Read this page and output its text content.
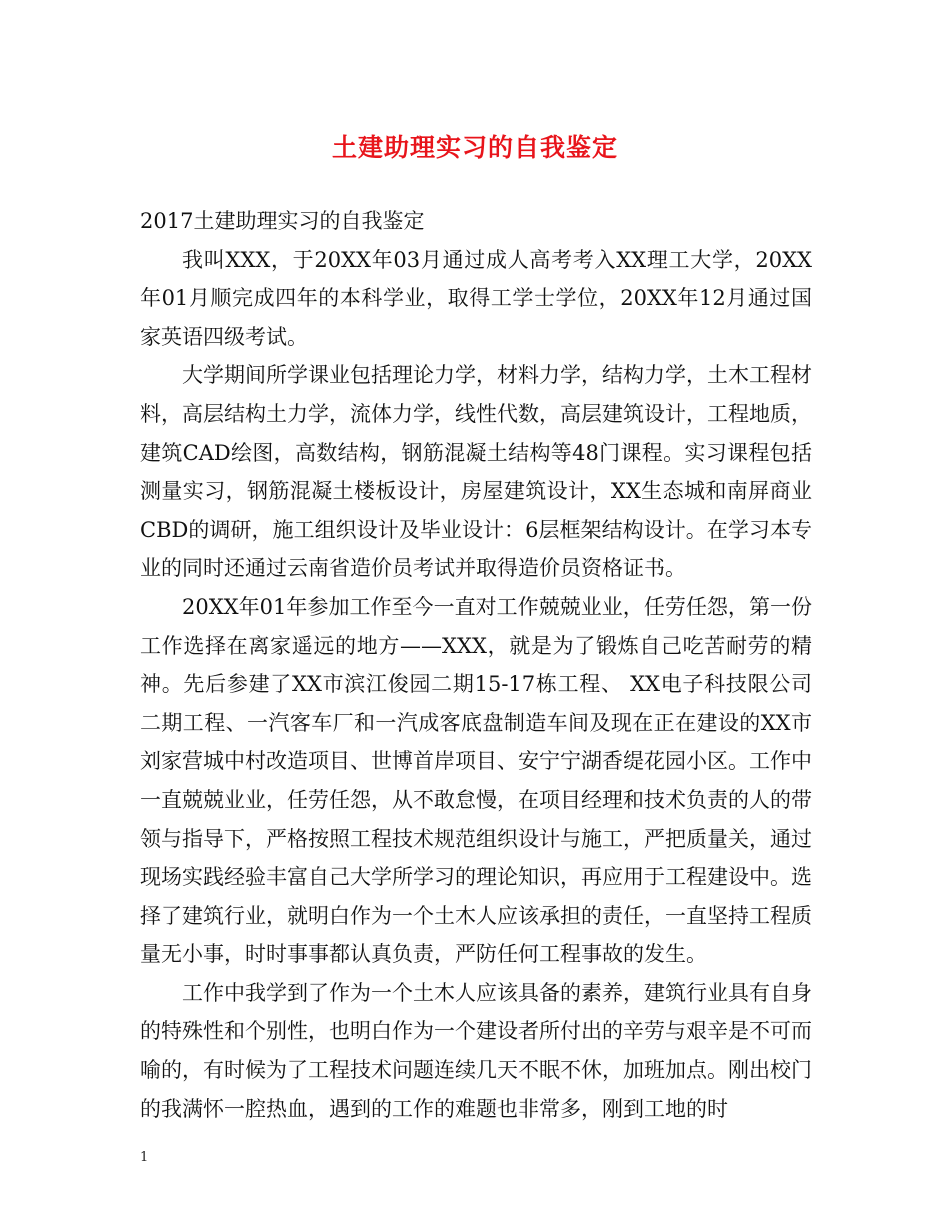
土建助理实习的自我鉴定

2017土建助理实习的自我鉴定

我叫XXX，于20XX年03月通过成人高考考入XX理工大学，20XX年01月顺完成四年的本科学业，取得工学士学位，20XX年12月通过国家英语四级考试。

大学期间所学课业包括理论力学，材料力学，结构力学，土木工程材料，高层结构土力学，流体力学，线性代数，高层建筑设计，工程地质，建筑CAD绘图，高数结构，钢筋混凝土结构等48门课程。实习课程包括测量实习，钢筋混凝土楼板设计，房屋建筑设计，XX生态城和南屏商业CBD的调研，施工组织设计及毕业设计：6层框架结构设计。在学习本专业的同时还通过云南省造价员考试并取得造价员资格证书。

20XX年01年参加工作至今一直对工作兢兢业业，任劳任怨，第一份工作选择在离家遥远的地方——XXX，就是为了锻炼自己吃苦耐劳的精神。先后参建了XX市滨江俊园二期15-17栋工程、 XX电子科技限公司二期工程、一汽客车厂和一汽成客底盘制造车间及现在正在建设的XX市刘家营城中村改造项目、世博首岸项目、安宁宁湖香缇花园小区。工作中一直兢兢业业，任劳任怨，从不敢怠慢，在项目经理和技术负责的人的带领与指导下，严格按照工程技术规范组织设计与施工，严把质量关，通过现场实践经验丰富自己大学所学习的理论知识，再应用于工程建设中。选择了建筑行业，就明白作为一个土木人应该承担的责任，一直坚持工程质量无小事，时时事事都认真负责，严防任何工程事故的发生。

工作中我学到了作为一个土木人应该具备的素养，建筑行业具有自身的特殊性和个别性，也明白作为一个建设者所付出的辛劳与艰辛是不可而喻的，有时候为了工程技术问题连续几天不眠不休，加班加点。刚出校门的我满怀一腔热血，遇到的工作的难题也非常多，刚到工地的时

1
